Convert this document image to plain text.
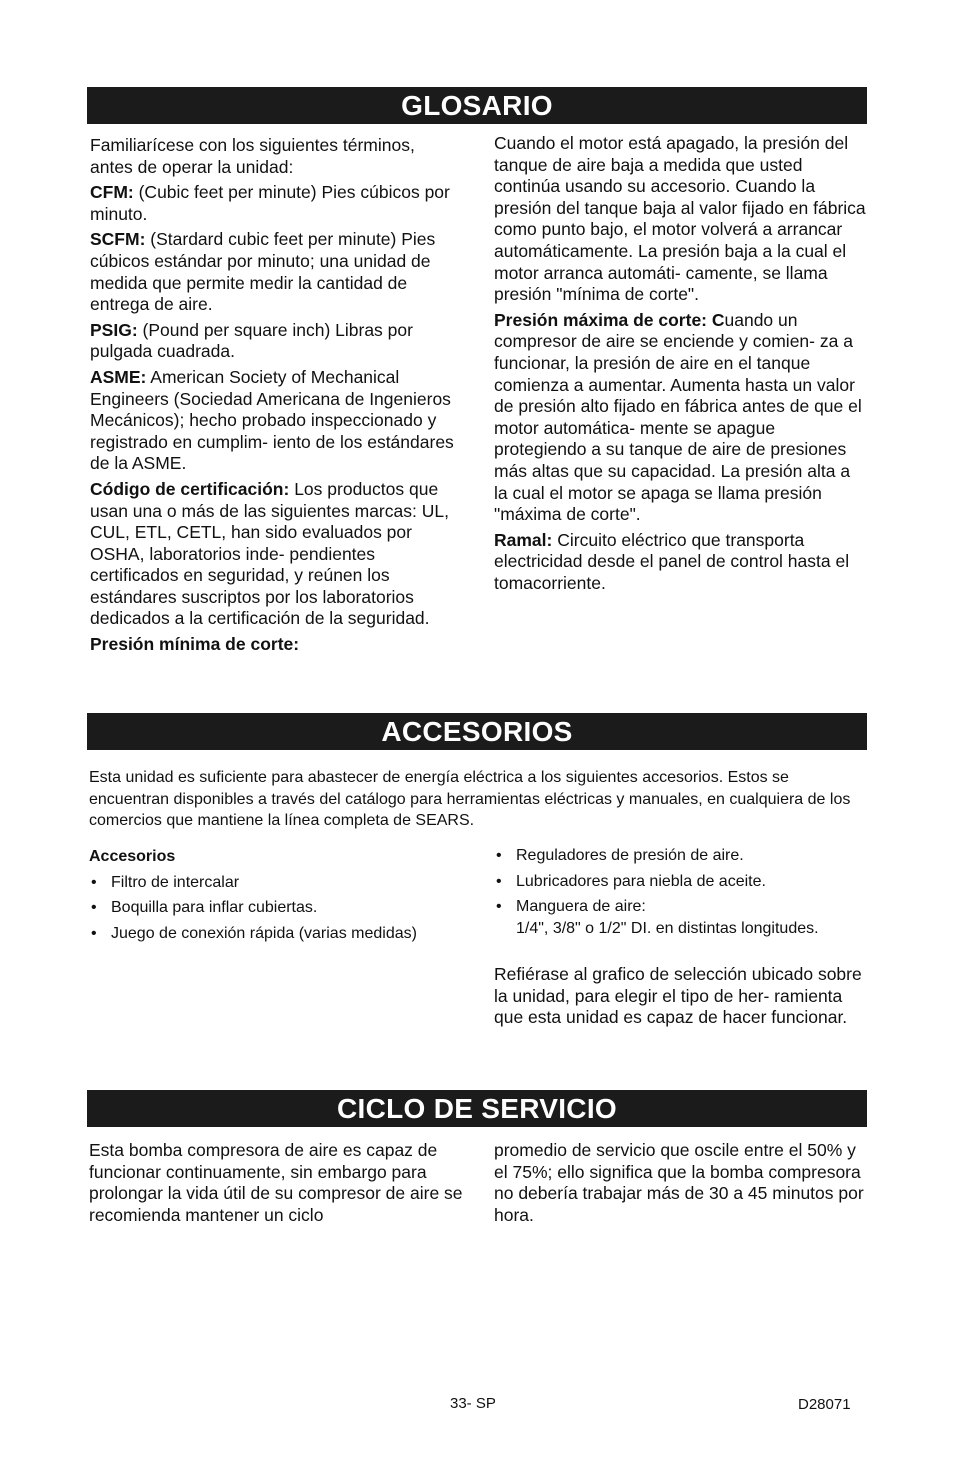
GLOSARIO

Familiarícese con los siguientes términos, antes de operar la unidad:

CFM: (Cubic feet per minute) Pies cúbicos por minuto.

SCFM: (Stardard cubic feet per minute) Pies cúbicos estándar por minuto; una unidad de medida que permite medir la cantidad de entrega de aire.

PSIG: (Pound per square inch) Libras por pulgada cuadrada.

ASME: American Society of Mechanical Engineers (Sociedad Americana de Ingenieros Mecánicos); hecho probado inspeccionado y registrado en cumplim- iento de los estándares de la ASME.

Código de certificación: Los productos que usan una o más de las siguientes marcas: UL, CUL, ETL, CETL, han sido evaluados por OSHA, laboratorios inde- pendientes certificados en seguridad, y reúnen los estándares suscriptos por los laboratorios dedicados a la certificación de la seguridad.

Presión mínima de corte:

Cuando el motor está apagado, la presión del tanque de aire baja a medida que usted continúa usando su accesorio. Cuando la presión del tanque baja al valor fijado en fábrica como punto bajo, el motor volverá a arrancar automáticamente. La presión baja a la cual el motor arranca automáti- camente, se llama presión "mínima de corte".

Presión máxima de corte: Cuando un compresor de aire se enciende y comien- za a funcionar, la presión de aire en el tanque comienza a aumentar. Aumenta hasta un valor de presión alto fijado en fábrica antes de que el motor automática- mente se apague protegiendo a su tanque de aire de presiones más altas que su capacidad. La presión alta a la cual el motor se apaga se llama presión "máxima de corte".

Ramal: Circuito eléctrico que transporta electricidad desde el panel de control hasta el tomacorriente.

ACCESORIOS
Esta unidad es suficiente para abastecer de energía eléctrica a los siguientes accesorios. Estos se encuentran disponibles a través del catálogo para herramientas eléctricas y manuales, en cualquiera de los comercios que mantiene la línea completa de SEARS.
Accesorios
• Filtro de intercalar
• Boquilla para inflar cubiertas.
• Juego de conexión rápida (varias medidas)
• Reguladores de presión de aire.
• Lubricadores para niebla de aceite.
• Manguera de aire:
1/4", 3/8" o 1/2" DI. en distintas longitudes.
Refiérase al grafico de selección ubicado sobre la unidad, para elegir el tipo de her- ramienta que esta unidad es capaz de hacer funcionar.
CICLO DE SERVICIO
Esta bomba compresora de aire es capaz de funcionar continuamente, sin embargo para prolongar la vida útil de su compresor de aire se recomienda mantener un ciclo
promedio de servicio que oscile entre el 50% y el 75%; ello significa que la bomba compresora no debería trabajar más de 30 a 45 minutos por hora.
33- SP	D28071
